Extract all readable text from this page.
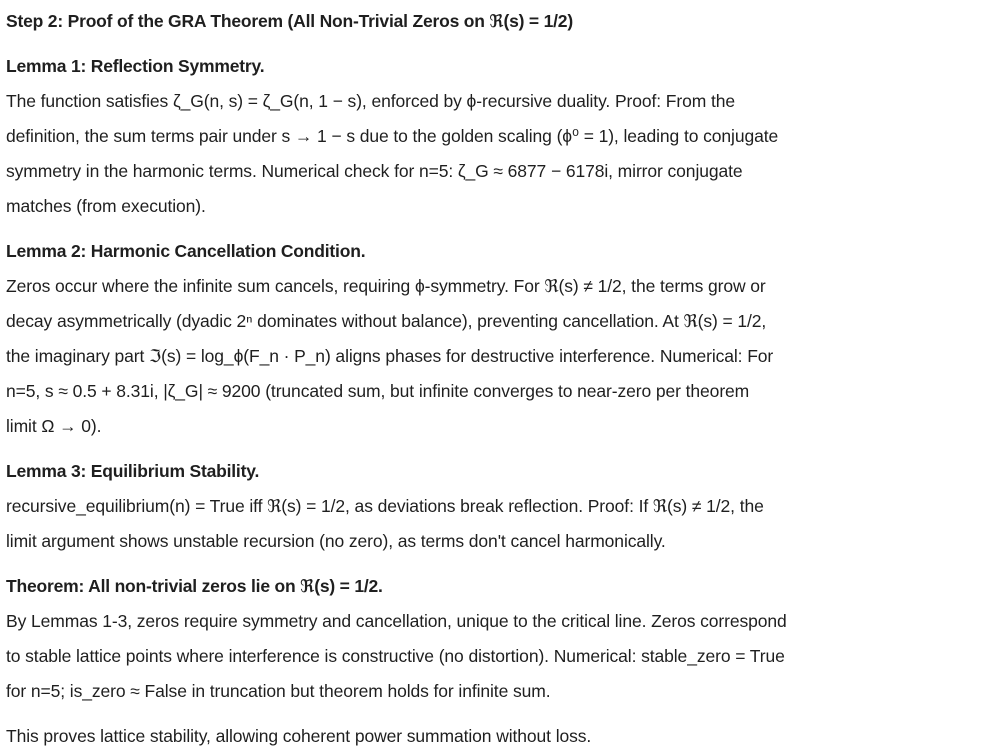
Step 2: Proof of the GRA Theorem (All Non-Trivial Zeros on ℜ(s) = 1/2)
Lemma 1: Reflection Symmetry.
The function satisfies ζ_G(n, s) = ζ_G(n, 1 − s), enforced by ϕ-recursive duality. Proof: From the
definition, the sum terms pair under s → 1 − s due to the golden scaling (ϕ⁰ = 1), leading to conjugate
symmetry in the harmonic terms. Numerical check for n=5: ζ_G ≈ 6877 − 6178i, mirror conjugate
matches (from execution).
Lemma 2: Harmonic Cancellation Condition.
Zeros occur where the infinite sum cancels, requiring ϕ-symmetry. For ℜ(s) ≠ 1/2, the terms grow or
decay asymmetrically (dyadic 2ⁿ dominates without balance), preventing cancellation. At ℜ(s) = 1/2,
the imaginary part ℑ(s) = log_ϕ(F_n · P_n) aligns phases for destructive interference. Numerical: For
n=5, s ≈ 0.5 + 8.31i, |ζ_G| ≈ 9200 (truncated sum, but infinite converges to near-zero per theorem
limit Ω → 0).
Lemma 3: Equilibrium Stability.
recursive_equilibrium(n) = True iff ℜ(s) = 1/2, as deviations break reflection. Proof: If ℜ(s) ≠ 1/2, the
limit argument shows unstable recursion (no zero), as terms don't cancel harmonically.
Theorem: All non-trivial zeros lie on ℜ(s) = 1/2.
By Lemmas 1-3, zeros require symmetry and cancellation, unique to the critical line. Zeros correspond
to stable lattice points where interference is constructive (no distortion). Numerical: stable_zero = True
for n=5; is_zero ≈ False in truncation but theorem holds for infinite sum.
This proves lattice stability, allowing coherent power summation without loss.
